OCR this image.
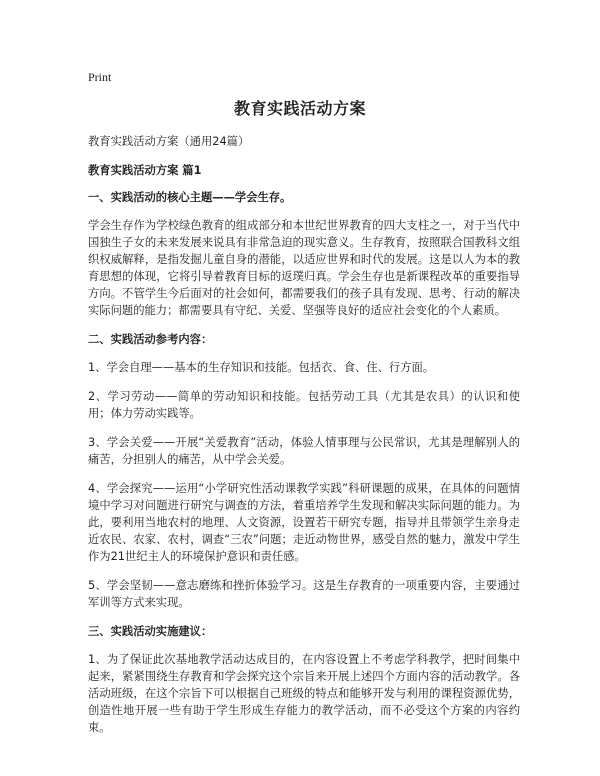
Print
教育实践活动方案

教育实践活动方案（通用24篇）

教育实践活动方案 篇1

一、实践活动的核心主题——学会生存。

学会生存作为学校绿色教育的组成部分和本世纪世界教育的四大支柱之一，对于当代中国独生子女的未来发展来说具有非常急迫的现实意义。生存教育，按照联合国教科文组织权威解释，是指发掘儿童自身的潜能，以适应世界和时代的发展。这是以人为本的教育思想的体现，它将引导着教育目标的返璞归真。学会生存也是新课程改革的重要指导方向。不管学生今后面对的社会如何，都需要我们的孩子具有发现、思考、行动的解决实际问题的能力；都需要具有守纪、关爱、坚强等良好的适应社会变化的个人素质。

二、实践活动参考内容：

1、学会自理——基本的生存知识和技能。包括衣、食、住、行方面。

2、学习劳动——简单的劳动知识和技能。包括劳动工具（尤其是农具）的认识和使用；体力劳动实践等。

3、学会关爱——开展“关爱教育”活动，体验人情事理与公民常识，尤其是理解别人的痛苦，分担别人的痛苦，从中学会关爱。

4、学会探究——运用“小学研究性活动课教学实践”科研课题的成果，在具体的问题情境中学习对问题进行研究与调查的方法，着重培养学生发现和解决实际问题的能力。为此，要利用当地农村的地理、人文资源，设置若干研究专题，指导并且带领学生亲身走近农民、农家、农村，调查“三农”问题；走近动物世界，感受自然的魅力，激发中学生作为21世纪主人的环境保护意识和责任感。

5、学会坚韧——意志磨练和挫折体验学习。这是生存教育的一项重要内容，主要通过军训等方式来实现。

三、实践活动实施建议：

1、为了保证此次基地教学活动达成目的，在内容设置上不考虑学科教学，把时间集中起来，紧紧围绕生存教育和学会探究这个宗旨来开展上述四个方面内容的活动教学。各活动班级，在这个宗旨下可以根据自己班级的特点和能够开发与利用的课程资源优势，创造性地开展一些有助于学生形成生存能力的教学活动，而不必受这个方案的内容约束。
